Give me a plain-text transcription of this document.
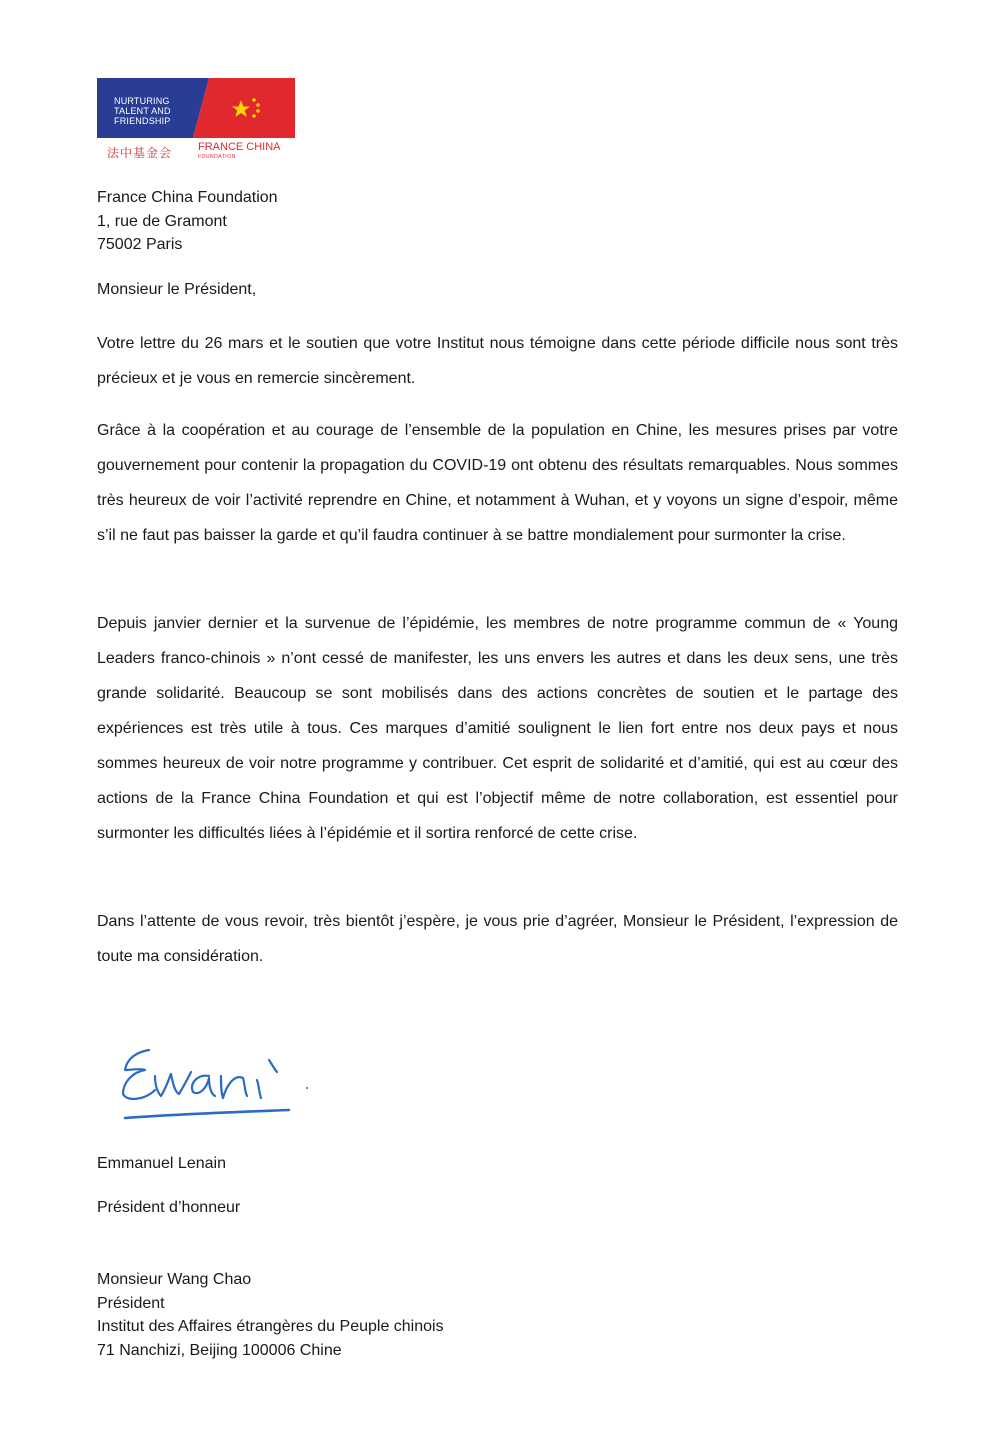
NURTURING
TALENT AND
FRIENDSHIP
法中基金会 FRANCE CHINA
FOUNDATION
France China Foundation
1, rue de Gramont
75002 Paris
Monsieur le Président,

Votre lettre du 26 mars et le soutien que votre Institut nous témoigne dans cette période difficile nous sont très précieux et je vous en remercie sincèrement.

Grâce à la coopération et au courage de l’ensemble de la population en Chine, les mesures prises par votre gouvernement pour contenir la propagation du COVID-19 ont obtenu des résultats remarquables. Nous sommes très heureux de voir l’activité reprendre en Chine, et notamment à Wuhan, et y voyons un signe d’espoir, même s’il ne faut pas baisser la garde et qu’il faudra continuer à se battre mondialement pour surmonter la crise.

Depuis janvier dernier et la survenue de l’épidémie, les membres de notre programme commun de « Young Leaders franco-chinois » n’ont cessé de manifester, les uns envers les autres et dans les deux sens, une très grande solidarité. Beaucoup se sont mobilisés dans des actions concrètes de soutien et le partage des expériences est très utile à tous. Ces marques d’amitié soulignent le lien fort entre nos deux pays et nous sommes heureux de voir notre programme y contribuer. Cet esprit de solidarité et d’amitié, qui est au cœur des actions de la France China Foundation et qui est l’objectif même de notre collaboration, est essentiel pour surmonter les difficultés liées à l’épidémie et il sortira renforcé de cette crise.

Dans l’attente de vous revoir, très bientôt j’espère, je vous prie d’agréer, Monsieur le Président, l’expression de toute ma considération.

Emmanuel Lenain
Président d’honneur
Monsieur Wang Chao
Président
Institut des Affaires étrangères du Peuple chinois
71 Nanchizi, Beijing 100006 Chine
